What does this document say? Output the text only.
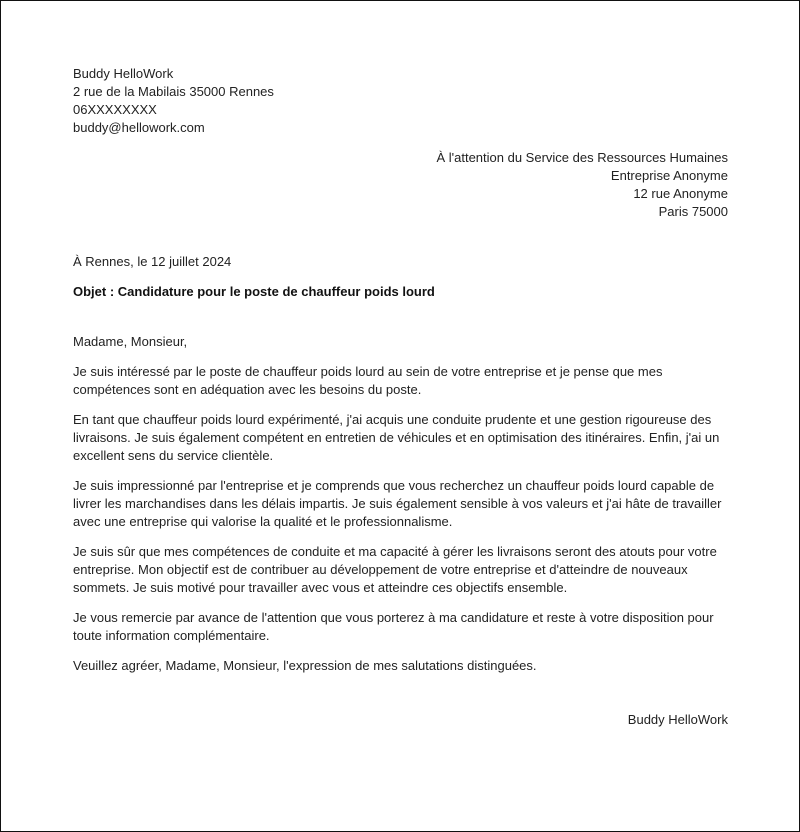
Buddy HelloWork
2 rue de la Mabilais 35000 Rennes
06XXXXXXXX
buddy@hellowork.com
À l'attention du Service des Ressources Humaines
Entreprise Anonyme
12 rue Anonyme
Paris 75000
À Rennes, le 12 juillet 2024
Objet : Candidature pour le poste de chauffeur poids lourd
Madame, Monsieur,
Je suis intéressé par le poste de chauffeur poids lourd au sein de votre entreprise et je pense que mes compétences sont en adéquation avec les besoins du poste.
En tant que chauffeur poids lourd expérimenté, j'ai acquis une conduite prudente et une gestion rigoureuse des livraisons. Je suis également compétent en entretien de véhicules et en optimisation des itinéraires. Enfin, j'ai un excellent sens du service clientèle.
Je suis impressionné par l'entreprise et je comprends que vous recherchez un chauffeur poids lourd capable de livrer les marchandises dans les délais impartis. Je suis également sensible à vos valeurs et j'ai hâte de travailler avec une entreprise qui valorise la qualité et le professionnalisme.
Je suis sûr que mes compétences de conduite et ma capacité à gérer les livraisons seront des atouts pour votre entreprise. Mon objectif est de contribuer au développement de votre entreprise et d'atteindre de nouveaux sommets. Je suis motivé pour travailler avec vous et atteindre ces objectifs ensemble.
Je vous remercie par avance de l'attention que vous porterez à ma candidature et reste à votre disposition pour toute information complémentaire.
Veuillez agréer, Madame, Monsieur, l'expression de mes salutations distinguées.
Buddy HelloWork
